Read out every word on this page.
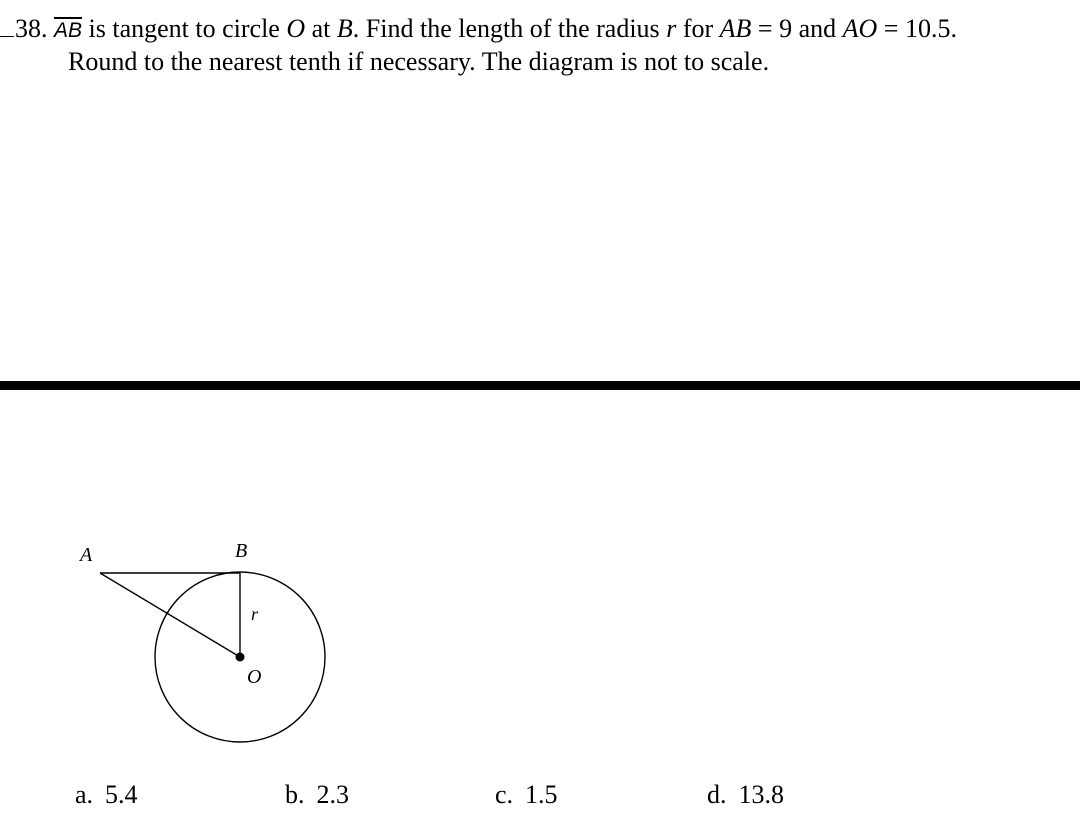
38. $\overline{AB}$ is tangent to circle O at B. Find the length of the radius r for AB = 9 and AO = 10.5.
Round to the nearest tenth if necessary. The diagram is not to scale.
A	B
r
O
a. 5.4	b. 2.3	c. 1.5	d. 13.8
